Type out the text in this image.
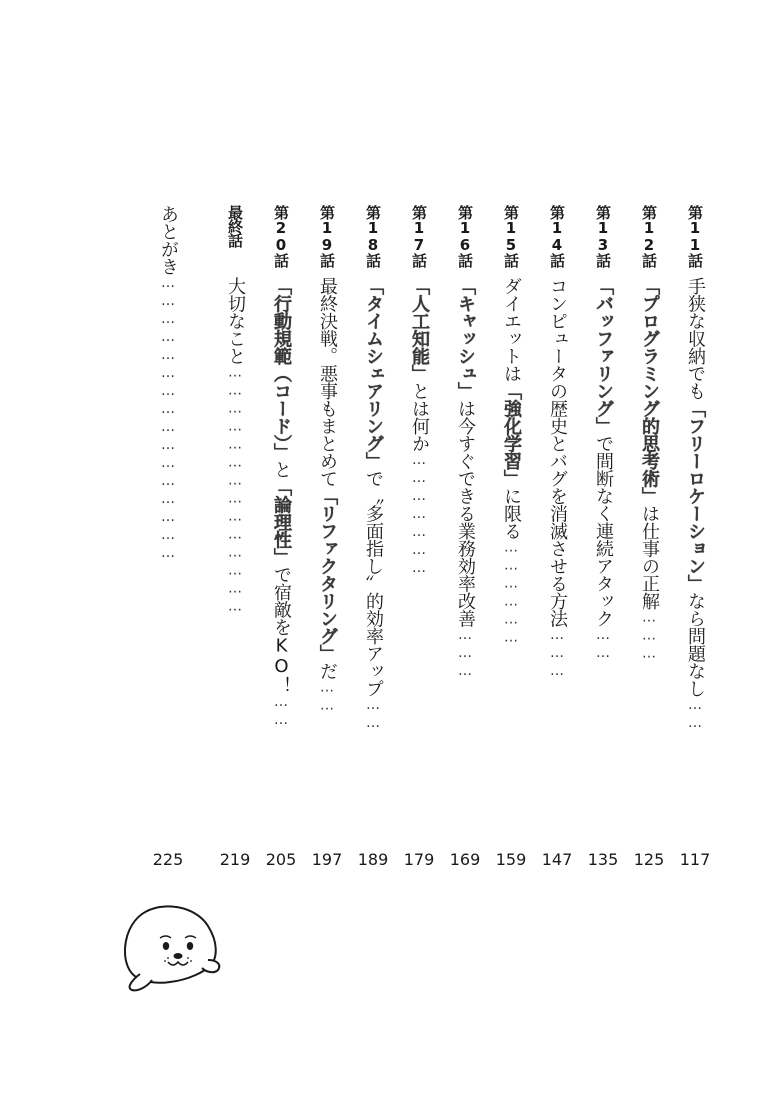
第11話
手狭な収納でも「フリーロケーション」なら問題なし……
117
第12話
「プログラミング的思考術」は仕事の正解………
125
第13話
「バッファリング」で間断なく連続アタック……
135
第14話
コンピュータの歴史とバグを消滅させる方法………
147
第15話
ダイエットは「強化学習」に限る………………
159
第16話
「キャッシュ」は今すぐできる業務効率改善………
169
第17話
「人工知能」とは何か…………………
179
第18話
「タイムシェアリング」で〝多面指し〟的効率アップ……
189
第19話
最終決戦。悪事もまとめて「リファクタリング」だ……
197
第20話
「行動規範（コード）」と「論理性」で宿敵をKO！……
205
最終話
大切なこと……………………………………
219
あとがき…………………………………………
225
